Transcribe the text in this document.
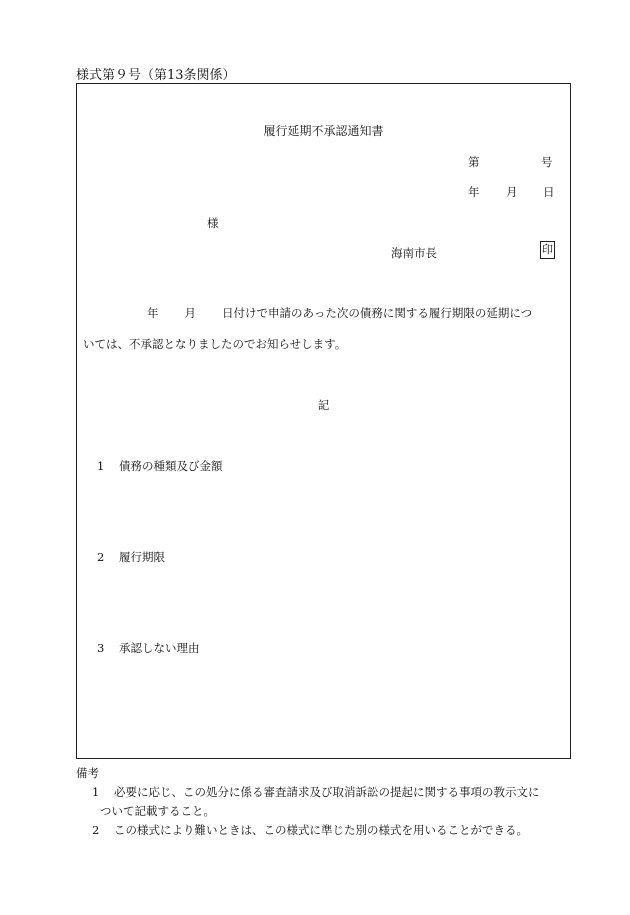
様式第９号（第13条関係）
履行延期不承認通知書
第	号
年 月 日
様
海南市長	印
年 月 日付けで申請のあった次の債務に関する履行期限の延期につ
いては、不承認となりましたのでお知らせします。
記
1 債務の種類及び金額
2 履行期限
3 承認しない理由
備考
1 必要に応じ、この処分に係る審査請求及び取消訴訟の提起に関する事項の教示文に
ついて記載すること。
2 この様式により難いときは、この様式に準じた別の様式を用いることができる。
